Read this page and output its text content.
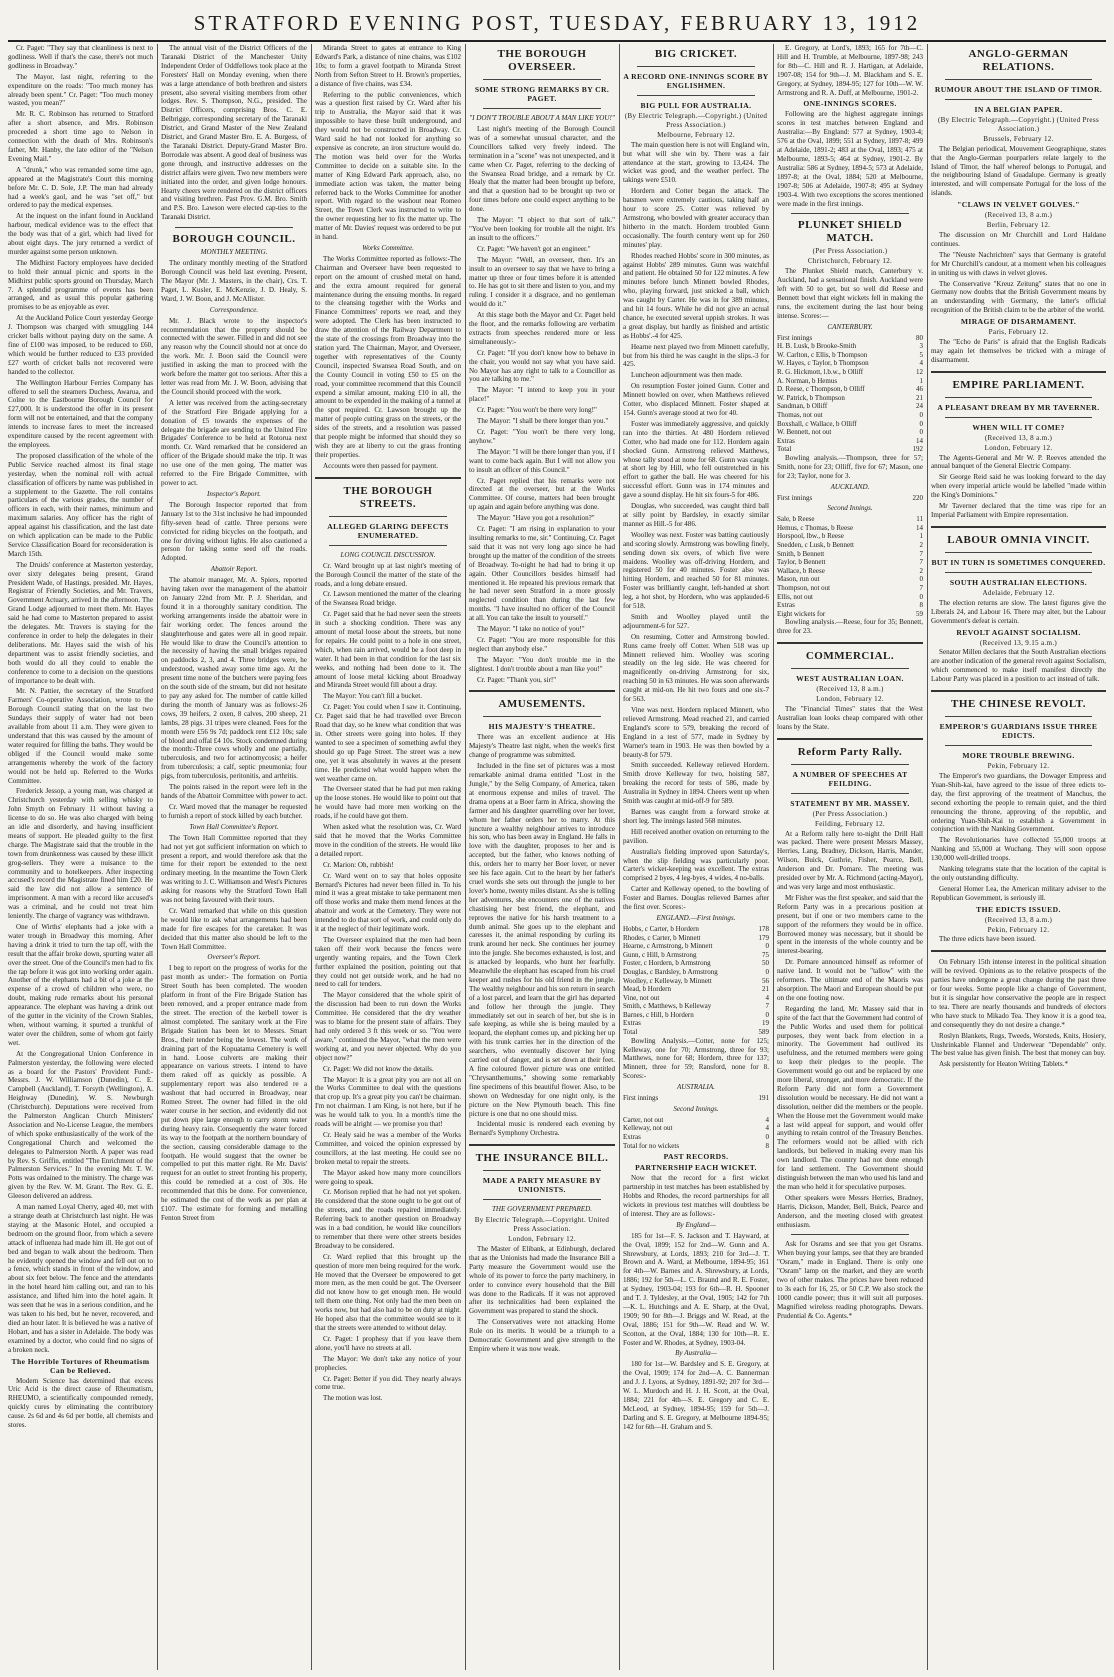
STRATFORD EVENING POST, TUESDAY, FEBRUARY 13, 1912

Cr. Paget: "They say that cleanliness is next to godliness. Well if that's the case, there's not much godliness in Broadway."

The Mayor, last night, referring to the expenditure on the roads: "Too much money has already been spent." Cr. Paget: "Too much money wasted, you mean?"

Mr. R. C. Robinson has returned to Stratford after a short absence, and Mrs. Robinson proceeded a short time ago to Nelson in connection with the death of Mrs. Robinson's father, Mr. Hanby, the late editor of the "Nelson Evening Mail."

A "drunk," who was remanded some time ago, appeared at the Magistrate's Court this morning before Mr. C. D. Sole, J.P. The man had already had a week's gaol, and he was "set off," but ordered to pay the medical expenses.

At the inquest on the infant found in Auckland harbour, medical evidence was to the effect that the body was that of a girl, which had lived for about eight days. The jury returned a verdict of murder against some person unknown.

The Midhirst Factory employees have decided to hold their annual picnic and sports in the Midhirst public sports ground on Thursday, March 7. A splendid programme of events has been arranged, and as usual this popular gathering promises to be as enjoyable as ever.

At the Auckland Police Court yesterday George J. Thompson was charged with smuggling 144 cricket balls without paying duty on the same. A fine of £100 was imposed, to be reduced to £60, which would be further reduced to £33 provided £27 worth of cricket balls not recovered were handed to the collector.

The Wellington Harbour Ferries Company has offered to sell the steamers Duchess, Awarua, and Colne to the Eastbourne Borough Council for £27,000. It is understood the offer in its present form will not be entertained, and that the company intends to increase fares to meet the increased expenditure caused by the recent agreement with the employees.

The proposed classification of the whole of the Public Service reached almost its final stage yesterday, when the nominal roll with actual classification of officers by name was published in a supplement to the Gazette. The roll contains particulars of the various grades, the number of officers in each, with their names, minimum and maximum salaries. Any officer has the right of appeal against his classification, and the last date on which application can be made to the Public Service Classification Board for reconsideration is March 15th.

The Druids' conference at Masterton yesterday, over sixty delegates being present, Grand President Wade, of Hastings, presided. Mr. Hayes, Registrar of Friendly Societies, and Mr. Travers, Government Actuary, arrived in the afternoon. The Grand Lodge adjourned to meet them. Mr. Hayes said he had come to Masterton prepared to assist the delegates. Mr. Travers is staying for the conference in order to help the delegates in their deliberations. Mr. Hayes said the wish of his department was to assist friendly societies, and both would do all they could to enable the conference to come to a decision on the questions of importance to be dealt with.

Mr. N. Pattier, the secretary of the Stratford Farmers' Co-operative Association, wrote to the Borough Council stating that on the last two Sundays their supply of water had not been available from about 11 a.m. They were given to understand that this was caused by the amount of water required for filling the baths. They would be obliged if the Council would make some arrangements whereby the work of the factory would not be held up. Referred to the Works Committee.

Frederick Jessop, a young man, was charged at Christchurch yesterday with selling whisky to John Smyth on February 11 without having a license to do so. He was also charged with being an idle and disorderly, and having insufficient means of support. He pleaded guilty to the first charge. The Magistrate said that the trouble in the town from drunkenness was caused by these illicit grog-sellers. They were a nuisance to the community and to hotelkeepers. After inspecting accused's record the Magistrate fined him £20. He said the law did not allow a sentence of imprisonment. A man with a record like accused's was a criminal, and he could not treat him leniently. The charge of vagrancy was withdrawn.

One of Wirths' elephants had a joke with a water trough in Broadway this morning. After having a drink it tried to turn the tap off, with the result that the affair broke down, spurting water all over the street. One of the Council's men had to fix the tap before it was got into working order again. Another of the elephants had a bit of a joke at the expense of a crowd of children who were, no doubt, making rude remarks about his personal appearance. The elephant was having a drink out of the gutter in the vicinity of the Crown Stables, when, without warning, it spurted a trunkful of water over the children, some of whom got fairly wet.

At the Congregational Union Conference in Palmerston yesterday, the following were elected as a board for the Pastors' Provident Fund:- Messrs. J. W. Williamson (Dunedin), C. E. Campbell (Auckland), T. Forsyth (Wellington), A. Heighway (Dunedin), W. S. Newburgh (Christchurch). Deputations were received from the Palmerston Anglican Church Ministers' Association and No-License League, the members of which spoke enthusiastically of the work of the Congregational Church and welcomed the delegates to Palmerston North. A paper was read by Rev. S. Griffin, entitled "The Enrichment of the Palmerston Services." In the evening Mr. T. W. Potts was ordained to the ministry. The charge was given by the Rev. W. M. Grant. The Rev. G. E. Gleeson delivered an address.

A man named Loyal Cherry, aged 40, met with a strange death at Christchurch last night. He was staying at the Masonic Hotel, and occupied a bedroom on the ground floor, from which a severe attack of influenza had made him ill. He got out of bed and began to walk about the bedroom. Then he evidently opened the window and fell out on to a fence, which stands in front of the window, and about six feet below. The fence and the attendants in the hotel heard him calling out, and ran to his assistance, and lifted him into the hotel again. It was seen that he was in a serious condition, and he was taken to his bed, but he never, recovered, and died an hour later. It is believed he was a native of Hobart, and has a sister in Adelaide. The body was examined by a doctor, who could find no signs of a broken neck.

The Horrible Tortures of Rheumatism Can be Relieved.

Modern Science has determined that excess Uric Acid is the direct cause of Rheumatism, RHEUMO, a scientifically compounded remedy, quickly cures by eliminating the contributory cause. 2s 6d and 4s 6d per bottle, all chemists and stores.

The annual visit of the District Officers of the Taranaki District of the Manchester Unity Independent Order of Oddfellows took place at the Foresters' Hall on Monday evening, when there was a large attendance of both brethren and sisters present, also several visiting members from other lodges. Rev. S. Thompson, N.G., presided. The District Officers, comprising Bros. C. E. Belbrigge, corresponding secretary of the Taranaki District, and Grand Master of the New Zealand District, and Grand Master Bro. E. A. Burgess, of the Taranaki District. Deputy-Grand Master Bro. Borrodale was absent. A good deal of business was gone through, and instructive addresses on the district affairs were given. Two new members were initiated into the order, and given lodge honours. Hearty cheers were rendered on the district officers and visiting brethren. Past Prov. G.M. Bro. Smith and P.S. Bro. Lawson were elected cap-ties to the Taranaki District.

BOROUGH COUNCIL.
MONTHLY MEETING.

The ordinary monthly meeting of the Stratford Borough Council was held last evening. Present, The Mayor (Mr. J. Masters, in the chair), Crs. T. Paget, L. Kusler, E. McKenzie, J. D. Healy, S. Ward, J. W. Boon, and J. McAllister.

Correspondence.

Mr. J. Black wrote to the inspector's recommendation that the property should be connected with the sewer. Filled in and did not see any reason why the Council should not at once do the work. Mr. J. Boon said the Council were justified in asking the man to proceed with the work before the matter got too serious. After this a letter was read from Mr. J. W. Boon, advising that the Council should proceed with the work.

A letter was received from the acting-secretary of the Stratford Fire Brigade applying for a donation of £5 towards the expenses of the delegate the brigade are sending to the United Fire Brigades' Conference to be held at Rotorua next month. Cr. Ward remarked that he considered an officer of the Brigade should make the trip. It was no use one of the men going. The matter was referred to the Fire Brigade Committee, with power to act.

Inspector's Report.

The Borough Inspector reported that from January 1st to the 31st inclusive he had impounded fifty-seven head of cattle. Three persons were convicted for riding bicycles on the footpath, and one for driving without lights. He also cautioned a person for taking some seed off the roads. Adopted.

Abattoir Report.

The abattoir manager, Mr. A. Spiers, reported having taken over the management of the abattoir on January 22nd from Mr. P. J. Sheridan, and found it in a thoroughly sanitary condition. The working arrangements inside the abattoir were in fair working order. The fences around the slaughterhouse and gates were all in good repair. He would like to draw the Council's attention to the necessity of having the small bridges repaired on paddocks 2, 3, and 4. Three bridges were, he understood, washed away some time ago. At the present time none of the butchers were paying fees on the south side of the stream, but did not hesitate to pay any asked for. The number of cattle killed during the month of January was as follows:-26 cows, 39 heifers, 2 oxen, 8 calves, 200 sheep, 21 lambs, 28 pigs. 31 tripes were cleaned. Fees for the month were £56 9s 7d; paddock rent £12 10s; sale of blood and offal £4 10s. Stock condemned during the month:-Three cows wholly and one partially, tuberculosis, and two for actinomycosis; a heifer from tuberculosis; a calf, septic pneumonia; four pigs, from tuberculosis, peritonitis, and arthritis.

The points raised in the report were left in the hands of the Abattoir Committee with power to act.

Cr. Ward moved that the manager be requested to furnish a report of stock killed by each butcher.

Town Hall Committee's Report.

The Town Hall Committee reported that they had not yet got sufficient information on which to present a report, and would therefore ask that the time for their report be extended to the next ordinary meeting. In the meantime the Town Clerk was writing to J. C. Williamson and West's Pictures asking for reasons why the Stratford Town Hall was not being favoured with their tours.

Cr. Ward remarked that while on this question he would like to ask what arrangements had been made for fire escapes for the caretaker. It was decided that this matter also should be left to the Town Hall Committee.

Overseer's Report.

I beg to report on the progress of works for the past month as under:- The formation on Portia Street South has been completed. The wooden platform in front of the Fire Brigade Station has been removed, and a proper entrance made from the street. The erection of the kerbell tower is almost completed. The sanitary work at the Fire Brigade Station has been let to Messrs. Smart Bros., their tender being the lowest. The work of draining part of the Kopuatama Cemetery is well in hand. Loose culverts are making their appearance on various streets. I intend to have them raked off as quickly as possible. A supplementary report was also tendered re a washout that had occurred in Broadway, near Romeo Street. The owner had filled in the old water course in her section, and evidently did not put down pipe large enough to carry storm water during heavy rain. Consequently the water forced its way to the footpath at the northern boundary of the section, causing considerable damage to the footpath. He would suggest that the owner be compelled to put this matter right. Re Mr. Davis' request for an outlet to street fronting his property, this could be remedied at a cost of 30s. He recommended that this be done. For convenience, he estimated the cost of the work as per plan at £107. The estimate for forming and metalling Fenton Street from

Miranda Street to gates at entrance to King Edward's Park, a distance of nine chains, was £102 10s; to form a gravel footpath to Miranda Street North from Sefton Street to H. Brown's properties, a distance of five chains, was £34.

Referring to the public conveniences, which was a question first raised by Cr. Ward after his trip to Australia, the Mayor said that it was impossible to have these built underground, and they would not be constructed in Broadway. Cr. Ward said he had not looked for anything so expensive as concrete, an iron structure would do. The motion was held over for the Works Committee to decide on a suitable site. In the matter of King Edward Park approach, also, no immediate action was taken, the matter being referred back to the Works Committee for another report. With regard to the washout near Romeo Street, the Town Clerk was instructed to write to the owner requesting her to fix the matter up. The matter of Mr. Davies' request was ordered to be put in hand.

Works Committee.

The Works Committee reported as follows:-The Chairman and Overseer have been requested to report on the amount of crushed metal on hand, and the extra amount required for general maintenance during the ensuing months. In regard to the cleansing together with the Works and Finance Committees' reports we read, and they were adopted. The Clerk has been instructed to draw the attention of the Railway Department to the state of the crossings from Broadway into the station yard. The Chairman, Mayor, and Overseer, together with representatives of the County Council, inspected Swansea Road South, and on the County Council in voting £50 to £5 on the road, your committee recommend that this Council expend a similar amount, making £10 in all, the amount to be expended in the making of a tunnel at the spot required. Cr. Lawson brought up the matter of people cutting grass on the streets, or the sides of the streets, and a resolution was passed that people might be informed that should they so wish they are at liberty to cut the grass fronting their properties.

Accounts were then passed for payment.

THE BOROUGH STREETS.
ALLEGED GLARING DEFECTS ENUMERATED.
LONG COUNCIL DISCUSSION.

Cr. Ward brought up at last night's meeting of the Borough Council the matter of the state of the roads, and a long debate ensued.

Cr. Lawson mentioned the matter of the clearing of the Swansea Road bridge.

Cr. Paget said that he had never seen the streets in such a shocking condition. There was any amount of metal loose about the streets, but none for repairs. He could point to a hole in one street, which, when rain arrived, would be a foot deep in water. It had been in that condition for the last six weeks, and nothing had been done to it. The amount of loose metal kicking about Broadway and Miranda Street would fill about a dray.

The Mayor: You can't fill a bucket.

Cr. Paget: You could when I saw it. Continuing, Cr. Paget said that he had travelled over Brecon Road that day, so he knew what condition that was in. Other streets were going into holes. If they wanted to see a specimen of something awful they should go up Page Street. The street was a new one, yet it was absolutely in waves at the present time. He predicted what would happen when the wet weather came on.

The Overseer stated that he had put men raking up the loose stones. He would like to point out that he would have had more men working on the roads, if he could have got them.

When asked what the resolution was, Cr. Ward said that he moved that the Works Committee move in the condition of the streets. He would like a detailed report.

Cr. Marion: Oh, rubbish!

Cr. Ward went on to say that holes opposite Bernard's Pictures had never been filled in. To his mind it was a great mistake to take permanent men off those works and make them mend fences at the abattoir and work at the Cemetery. They were not intended to do that sort of work, and could only do it at the neglect of their legitimate work.

The Overseer explained that the men had been taken off their work because the fences were urgently wanting repairs, and the Town Clerk further explained the position, pointing out that they could not get outside work, and he had no need to call for tenders.

The Mayor considered that the whole spirit of the discussion had been to run down the Works Committee. He considered that the dry weather was to blame for the present state of affairs. They had only ordered 3 ft this week or so. "You were aware," continued the Mayor, "what the men were working at, and you never objected. Why do you object now?"

Cr. Paget: We did not know the details.

The Mayor: It is a great pity you are not all on the Works Committee to deal with the questions that crop up. It's a great pity you can't be chairman. I'm not chairman. I am King, is not here, but if he was he would talk to you. In a month's time the roads will be alright — we promise you that!

Cr. Healy said he was a member of the Works Committee, and voiced the opinion expressed by councillors, at the last meeting. He could see no broken metal to repair the streets.

The Mayor asked how many more councillors were going to speak.

Cr. Morison replied that he had not yet spoken. He considered that the stone ought to be got out of the streets, and the roads repaired immediately. Referring back to another question on Broadway was in a bad condition, he would like councillors to remember that there were other streets besides Broadway to be considered.

Cr. Ward replied that this brought up the question of more men being required for the work. He moved that the Overseer be empowered to get more men, as the men could be got. The Overseer did not know how to get enough men. He would tell them one thing. Not only had the men been on works now, but had also had to be on duty at night. He hoped also that the committee would see to it that the streets were attended to without delay.

Cr. Paget: I prophesy that if you leave them alone, you'll have no streets at all.

The Mayor: We don't take any notice of your prophecies.

Cr. Paget: Better if you did. They nearly always come true.

The motion was lost.

THE BOROUGH OVERSEER.
SOME STRONG REMARKS BY CR. PAGET.
"I DON'T TROUBLE ABOUT A MAN LIKE YOU!"

Last night's meeting of the Borough Council was of a somewhat unusual character, and the Councillors talked very freely indeed. The termination in a "scene" was not unexpected, and it came when Cr. Paget, referring to the decking of the Swansea Road bridge, and a remark by Cr. Healy that the matter had been brought up before, and that a question had to be brought up two or four times before one could expect anything to be done.

The Mayor: "I object to that sort of talk." "You've been looking for trouble all the night. It's an insult to the officers."

Cr. Paget: "We haven't got an engineer."

The Mayor: "Well, an overseer, then. It's an insult to an overseer to say that we have to bring a matter up three or four times before it is attended to. He has got to sit there and listen to you, and my ruling. I consider it a disgrace, and no gentleman would do it."

At this stage both the Mayor and Cr. Paget held the floor, and the remarks following are verbatim extracts from speeches rendered more or less simultaneously:-

Cr. Paget: "If you don't know how to behave in the chair, you would not say what you have said. No Mayor has any right to talk to a Councillor as you are talking to me."

The Mayor: "I intend to keep you in your place!"

Cr. Paget: "You won't be there very long!"

The Mayor: "I shall be there longer than you."

Cr. Paget: "You won't be there very long, anyhow."

The Mayor: "I will be there longer than you, if I want to come back again. But I will not allow you to insult an officer of this Council."

Cr. Paget replied that his remarks were not directed at the overseer, but at the Works Committee. Of course, matters had been brought up again and again before anything was done.

The Mayor: "Have you got a resolution?"

Cr. Paget: "I am rising in explanation to your insulting remarks to me, sir." Continuing, Cr. Paget said that it was not very long ago since he had brought up the matter of the condition of the streets of Broadway. To-night he had had to bring it up again. Other Councillors besides himself had mentioned it. He repeated his previous remark that he had never seen Stratford in a more grossly neglected condition than during the last few months. "I have insulted no officer of the Council at all. You can take the insult to yourself."

The Mayor: "I take no notice of you!"

Cr. Paget: "You are more responsible for this neglect than anybody else."

The Mayor: "You don't trouble me in the slightest. I don't trouble about a man like you!"

Cr. Paget: "Thank you, sir!"

AMUSEMENTS.
HIS MAJESTY'S THEATRE.

There was an excellent audience at His Majesty's Theatre last night, when the week's first change of programme was submitted.

Included in the fine set of pictures was a most remarkable animal drama entitled "Lost in the Jungle," by the Selig Company, of America, taken at enormous expense and miles of travel. The drama opens at a Boer farm in Africa, showing the farmer and his daughter quarrelling over her lover, whom her father orders her to marry. At this juncture a wealthy neighbour arrives to introduce his son, who has been away in England. He falls in love with the daughter, proposes to her and is accepted, but the father, who knows nothing of this, orders her to marry her Boer lover, or never see his face again. Cut to the heart by her father's cruel words she sets out through the jungle to her lover's home, twenty miles distant. As she is telling her adventures, she encounters one of the natives chastising her best friend, the elephant, and reproves the native for his harsh treatment to a dumb animal. She goes up to the elephant and caresses it, the animal responding by curling its trunk around her neck. She continues her journey into the jungle. She becomes exhausted, is lost, and is attacked by leopards, who hunt her fearfully. Meanwhile the elephant has escaped from his cruel keeper and rushes for his old friend in the jungle. The wealthy neighbour and his son return in search of a lost parcel, and learn that the girl has departed and follow her through the jungle. They immediately set out in search of her, but she is in safe keeping, as while she is being mauled by a leopard, the elephant comes up, and picking her up with his trunk carries her in the direction of the searchers, who eventually discover her lying carried out of danger, and is set down at their feet. A fine coloured flower picture was one entitled "Chrysanthemums," showing some remarkably fine specimens of this beautiful flower. Also, to be shown on Wednesday for one night only, is the picture on the New Plymouth beach. This fine picture is one that no one should miss.

Incidental music is rendered each evening by Bernard's Symphony Orchestra.

THE INSURANCE BILL.
MADE A PARTY MEASURE BY UNIONISTS.
THE GOVERNMENT PREPARED.

By Electric Telegraph.—Copyright. United Press Association.

London, February 12.

The Master of Elibank, at Edinburgh, declared that as the Unionists had made the Insurance Bill a Party measure the Government would use the whole of its power to force the party machinery, in order to convince every household that the Bill was done to the Radicals. If it was not approved after its technicalities had been explained the Government was prepared to stand the shock.

The Conservatives were not attacking Home Rule on its merits. It would be a triumph to a Democratic Government and give strength to the Empire where it was now weak.

BIG CRICKET.
A RECORD ONE-INNINGS SCORE BY ENGLISHMEN.
BIG PULL FOR AUSTRALIA.

(By Electric Telegraph.—Copyright.) (United Press Association.)

Melbourne, February 12.

The main question here is not will England win, but what will she win by. There was a fair attendance at the start, growing to 13,424. The wicket was good, and the weather perfect. The takings were £510.

Hordern and Cotter began the attack. The batsmen were extremely cautious, taking half an hour to score 25. Cotter was relieved by Armstrong, who bowled with greater accuracy than hitherto in the match. Hordern troubled Gunn occasionally. The fourth century went up for 260 minutes' play.

Rhodes reached Hobbs' score in 300 minutes, as against Hobbs' 289 minutes. Gunn was watchful and patient. He obtained 50 for 122 minutes. A few minutes before lunch Minnett bowled Rhodes, who, playing forward, just snicked a ball, which was caught by Carter. He was in for 389 minutes, and hit 14 fours. While he did not give an actual chance, he executed several uppish strokes. It was a great display, but hardly as finished and artistic as Hobbs'.-4 for 425.

Hearne next played two from Minnett carefully, but from his third he was caught in the slips.-3 for 425.

Luncheon adjournment was then made.

On resumption Foster joined Gunn. Cotter and Minnett bowled on over, when Matthews relieved Cotter, who displaced Minnett. Foster shaped at 154. Gunn's average stood at two for 40.

Foster was immediately aggressive, and quickly ran into the thirties. At 480 Hordern relieved Cotter, who had made one for 112. Hordern again shocked Gunn. Armstrong relieved Matthews, whose tally stood at none for 68. Gunn was caught at short leg by Hill, who fell outstretched in his effort to gather the ball. He was cheered for his successful effort. Gunn was in 174 minutes and gave a sound display. He hit six fours-5 for 486.

Douglas, who succeeded, was caught third ball at silly point by Bardsley, in exactly similar manner as Hill.-5 for 486.

Woolley was next. Foster was batting cautiously and scoring slowly. Armstrong was bowling finely, sending down six overs, of which five were maidens. Woolley was off-driving Hordern, and registered 50 for 40 minutes. Foster also was hitting Hordern, and reached 50 for 81 minutes. Foster was brilliantly caught, left-handed at short leg, a hot shot, by Hordern, who was applauded-6 for 518.

Smith and Woolley played until the adjournment-6 for 527.

On resuming, Cotter and Armstrong bowled. Runs came freely off Cotter. When 518 was up Minnett relieved him. Woolley was scoring steadily on the leg side. He was cheered for magnificently on-driving Armstrong for six, reaching 50 in 63 minutes. He was soon afterwards caught at mid-on. He hit two fours and one six-7 for 563.

Vine was next. Hordern replaced Minnett, who relieved Armstrong. Mead reached 21, and carried England's score to 579, breaking the record of England in a test of 577, made in Sydney by Warner's team in 1903. He was then bowled by a beauty-8 for 579.

Smith succeeded. Kelleway relieved Hordern. Smith drove Kelleway for two, hoisting 587, breaking the record for tests of 586, made by Australia in Sydney in 1894. Cheers went up when Smith was caught at mid-off-9 for 589.

Barnes was caught from a forward stroke at short leg. The innings lasted 568 minutes.

Hill received another ovation on returning to the pavilion.

Australia's fielding improved upon Saturday's, when the slip fielding was particularly poor. Carter's wicket-keeping was excellent. The extras comprised 2 byes, 4 leg-byes, 4 wides, 4 no-balls.

Carter and Kelleway opened, to the bowling of Foster and Barnes. Douglas relieved Barnes after the first over. Scores:-

ENGLAND.—First Innings.
Hobbs, c Carter, b Hordern	178
Rhodes, c Carter, b Minnett	179
Hearne, c Armstrong, b Minnett	0
Gunn, c Hill, b Armstrong	75
Foster, c Hordern, b Armstrong	50
Douglas, c Bardsley, b Armstrong	0
Woolley, c Kelleway, b Minnett	56
Mead, b Hordern	21
Vine, not out	4
Smith, c Matthews, b Kelleway	7
Barnes, c Hill, b Hordern	0
Extras	19
Total	589

Bowling Analysis.—Cotter, none for 125; Kelleway, one for 70; Armstrong, three for 93; Matthews, none for 68; Hordern, three for 137; Minnett, three for 59; Ransford, none for 8. Scores:-

AUSTRALIA.
First innings	191
Second Innings.
Carter, not out	4
Kelleway, not out	4
Extras	0
Total for no wickets	8
PAST RECORDS.
PARTNERSHIP EACH WICKET.

Now that the record for a first wicket partnership in test matches has been established by Hobbs and Rhodes, the record partnerships for all wickets in previous test matches will doubtless be of interest. They are as follows:-

By England—

185 for 1st—F. S. Jackson and T. Hayward, at the Oval, 1899; 152 for 2nd—W. Gunn and A. Shrewsbury, at Lords, 1893; 210 for 3rd—J. T. Brown and A. Ward, at Melbourne, 1894-95; 161 for 4th—W. Barnes and A. Shrewsbury, at Lords, 1886; 192 for 5th—L. C. Braund and R. E. Foster, at Sydney, 1903-04; 193 for 6th—R. H. Spooner and T. J. Tyldesley, at the Oval, 1905; 142 for 7th—K. L. Hutchings and A. E. Sharp, at the Oval, 1909; 90 for 8th—J. Briggs and W. Read, at the Oval, 1886; 151 for 9th—W. Read and W. W. Scotton, at the Oval, 1884; 130 for 10th—R. E. Foster and W. Rhodes, at Sydney, 1903-04.

By Australia—

180 for 1st—W. Bardsley and S. E. Gregory, at the Oval, 1909; 174 for 2nd—A. C. Bannerman and J. J. Lyons, at Sydney, 1891-92; 207 for 3rd—W. L. Murdoch and H. J. H. Scott, at the Oval, 1884; 221 for 4th—S. E. Gregory and C. E. McLeod, at Sydney, 1894-95; 159 for 5th—J. Darling and S. E. Gregory, at Melbourne 1894-95; 142 for 6th—H. Graham and S.

E. Gregory, at Lord's, 1893; 165 for 7th—C. Hill and H. Trumble, at Melbourne, 1897-98; 243 for 8th—C. Hill and R. J. Hartigan, at Adelaide, 1907-08; 154 for 9th—J. M. Blackham and S. E. Gregory, at Sydney, 1894-95; 127 for 10th—W. W. Armstrong and R. A. Duff, at Melbourne, 1901-2.

ONE-INNINGS SCORES.

Following are the highest aggregate innings scores in test matches between England and Australia:—By England: 577 at Sydney, 1903-4; 576 at the Oval, 1899; 551 at Sydney, 1897-8; 499 at Adelaide, 1891-2; 483 at the Oval, 1893; 475 at Melbourne, 1893-5; 464 at Sydney, 1901-2. By Australia: 586 at Sydney, 1894-5; 573 at Adelaide, 1897-8; at the Oval, 1884; 520 at Melbourne, 1907-8; 506 at Adelaide, 1907-8; 495 at Sydney 1903-4. With two exceptions the scores mentioned were made in the first innings.

PLUNKET SHIELD MATCH.

(Per Press Association.)

Christchurch, February 12.

The Plunket Shield match, Canterbury v. Auckland, had a sensational finish. Auckland were left with 50 to get, but so well did Reese and Bennett bowl that eight wickets fell in making the runs, the excitement during the last hour being intense. Scores:—

CANTERBURY.
First innings	80
H. B. Lusk, b Brooke-Smith	3
W. Carlton, c Ellis, b Thompson	5
W. Hayes, c Taylor, b Thompson	4
R. G. Hickmott, l.b.w., b Olliff	12
A. Norman, b Hemus	1
D. Reese, c Thompson, b Olliff	46
W. Patrick, b Thompson	21
Sandman, b Olliff	24
Thomas, not out	0
Boxshall, c Wallace, b Olliff	0
W. Bennett, not out	0
Extras	14
Total	192

Bowling analysis.—Thompson, three for 57; Smith, none for 23; Olliff, five for 67; Mason, one for 23; Taylor, none for 3.

AUCKLAND.
First innings	220
Second Innings.
Sale, b Reese	11
Hemus, c Thomas, b Reese	14
Horspool, lbw., b Reese	1
Snedden, c Lusk, b Bennett	2
Smith, b Bennett	7
Taylor, b Bennett	7
Wallace, b Reese	2
Mason, run out	0
Thompson, not out	7
Ellis, not out	0
Extras	8
Eight wickets for	59

Bowling analysis.—Reese, four for 35; Bennett, three for 23.

COMMERCIAL.
WEST AUSTRALIAN LOAN.

(Received 13, 8 a.m.)

London, February 12.

The "Financial Times" states that the West Australian loan looks cheap compared with other loans by the State.

Reform Party Rally.
A NUMBER OF SPEECHES AT FEILDING.
STATEMENT BY MR. MASSEY.

(Per Press Association.)

Feilding, February 12.

At a Reform rally here to-night the Drill Hall was packed. There were present Messrs Massey, Herries, Lang, Bradney, Dickson, Harris, Mander, Wilson, Buick, Guthrie, Fisher, Pearce, Bell, Anderson and Dr. Pomare. The meeting was presided over by Mr. A. Richmond (acting-Mayor), and was very large and most enthusiastic.

Mr Fisher was the first speaker, and said that the Reform Party was in a precarious position at present, but if one or two members came to the support of the reformers they would be in office. Borrowed money was necessary, but it should be spent in the interests of the whole country and be interest-bearing.

Dr. Pomare announced himself as reformer of native land. It would not be "tallow" with the reformers. The ultimate end of the Maoris was absorption. The Maori and European should be put on the one footing now.

Regarding the land, Mr. Massey said that in spite of the fact that the Government had control of the Public Works and used them for political purposes, they went back from election in a minority. The Government had outlived its usefulness, and the returned members were going to keep their pledges to the people. The Government would go out and be replaced by one more liberal, stronger, and more democratic. If the Reform Party did not form a Government dissolution would be necessary. He did not want a dissolution, neither did the members or the people. When the House met the Government would make a last wild appeal for support, and would offer anything to retain control of the Treasury Benches. The reformers would not be allied with rich landlords, but believed in making every man his own landlord. The country had not done enough for land settlement. The Government should distinguish between the man who used his land and the man who held it for speculative purposes.

Other speakers were Messrs Herries, Bradney, Harris, Dickson, Mander, Bell, Buick, Pearce and Anderson, and the meeting closed with greatest enthusiasm.

Ask for Osrams and see that you get Osrams. When buying your lamps, see that they are branded "Osram," made in England. There is only one "Osram" lamp on the market, and they are worth two of other makes. The prices have been reduced to 3s each for 16, 25, or 50 C.P. We also stock the 1000 candle power; thus it will suit all purposes. Magnified wireless reading photographs. Dewars. Prudential & Co. Agents.*

ANGLO-GERMAN RELATIONS.
RUMOUR ABOUT THE ISLAND OF TIMOR.
IN A BELGIAN PAPER.

(By Electric Telegraph.—Copyright.) (United Press Association.)

Brussels, February 12.

The Belgian periodical, Mouvement Geographique, states that the Anglo-German pourparlers relate largely to the Island of Timor, the half whereof belongs to Portugal, and the neighbouring Island of Guadalupe. Germany is greatly interested, and will compensate Portugal for the loss of the islands.

"CLAWS IN VELVET GOLVES."

(Received 13, 8 a.m.)

Berlin, February 12.

The discussion on Mr Churchill and Lord Haldane continues.

The "Neuste Nachrichten" says that Germany is grateful for Mr Churchill's candour, at a moment when his colleagues in uniting us with claws in velvet gloves.

The Conservative "Kreuz Zeitung" states that no one in Germany now doubts that the British Government means by an understanding with Germany, the latter's official recognition of the British claim to be the arbiter of the world.

MIRAGE OF DISARMAMENT.

Paris, February 12.

The "Echo de Paris" is afraid that the English Radicals may again let themselves be tricked with a mirage of disarmament.

EMPIRE PARLIAMENT.
A PLEASANT DREAM BY MR TAVERNER.
WHEN WILL IT COME?

(Received 13, 8 a.m.)

London, February 12.

The Agents-General and Mr W. P. Reeves attended the annual banquet of the General Electric Company.

Sir George Reid said he was looking forward to the day when every imperial article would be labelled "made within the King's Dominions."

Mr Taverner declared that the time was ripe for an Imperial Parliament with Empire representation.

LABOUR OMNIA VINCIT.
BUT IN TURN IS SOMETIMES CONQUERED.
SOUTH AUSTRALIAN ELECTIONS.

Adelaide, February 12.

The election returns are slow. The latest figures give the Liberals 24, and Labour 16. There may alter, but the Labour Government's defeat is certain.

REVOLT AGAINST SOCIALISM.

(Received 13, 9.15 a.m.)

Senator Millen declares that the South Australian elections are another indication of the general revolt against Socialism, which commenced to make itself manifest directly the Labour Party was placed in a position to act instead of talk.

THE CHINESE REVOLT.
EMPEROR'S GUARDIANS ISSUE THREE EDICTS.
MORE TROUBLE BREWING.

Pekin, February 12.

The Emperor's two guardians, the Dowager Empress and Yuan-Shih-kai, have agreed to the issue of three edicts to-day, the first approving of the treatment of Manchus, the second exhorting the people to remain quiet, and the third renouncing the throne, approving of the republic, and ordering Yuan-Shih-Kai to establish a Government in conjunction with the Nanking Government.

The Revolutionaries have collected 55,000 troops at Nanking and 55,000 at Wuchang. They will soon oppose 130,000 well-drilled troops.

Nanking telegrams state that the location of the capital is the only outstanding difficulty.

General Homer Lea, the American military adviser to the Republican Government, is seriously ill.

THE EDICTS ISSUED.

(Received 13, 8 a.m.)

Pekin, February 12.

The three edicts have been issued.

On February 15th intense interest in the political situation will be revived. Opinions as to the relative prospects of the parties have undergone a great change during the past three or four weeks. Some people like a change of Government, but it is singular how conservative the people are in respect to tea. There are nearly thousands and hundreds of electors who have stuck to Mikado Tea. They know it is a good tea, and consequently they do not desire a change.*

Roslyn Blankets, Rugs, Tweeds, Worsteds, Knits, Hosiery, Unshrinkable Flannel and Underwear "Dependable" only. The best value has given finish. The best that money can buy.

Ask persistently for Heaton Writing Tablets.*
